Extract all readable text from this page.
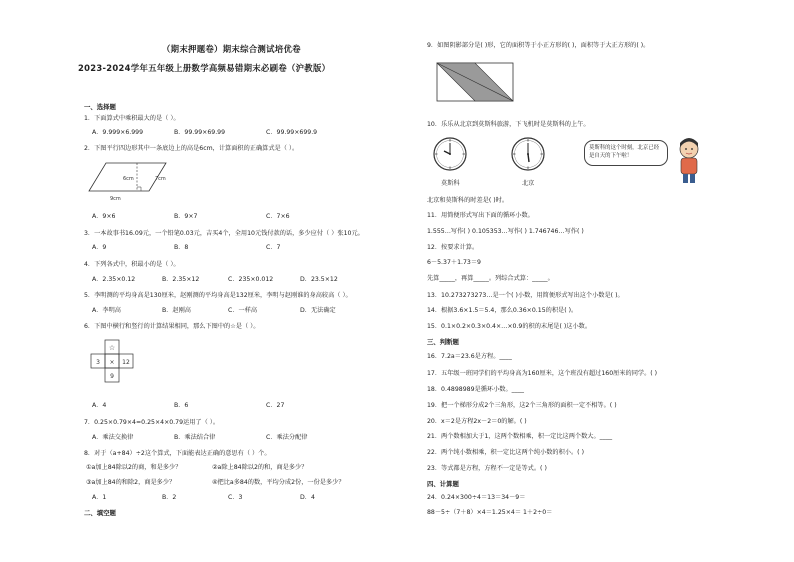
（期末押题卷）期末综合测试培优卷
2023-2024学年五年级上册数学高频易错期末必刷卷（沪教版）
一、选择题
1．下面算式中乘积最大的是（ ）。
A．9.999×6.999	B．99.99×69.99	C．99.99×699.9
2．下图平行四边形其中一条底边上的高是6cm，计算面积的正确算式是（ ）。
6cm	7cm
9cm
A．9×6	B．9×7	C．7×6
3．一本故事书16.09元，一个铅笔0.03元，吉买4个，全用10元钱付款的话，多少应付（ ）张10元。
A．9	B．8	C．7
4．下列各式中，积最小的是（ ）。
A．2.35×0.12	B．2.35×12	C．235×0.012	D．23.5×12
5．李明测的平均身高是130厘米，赵刚测的平均身高是132厘米，李明与赵刚谁的身高较高（ ）。
A．李明高	B．赵刚高	C．一样高	D．无法确定
6．下图中横行和竖行的计算结果相同，那么下图中的☆是（ ）。
☆
3 × 12
9
A．4	B．6	C．27
7．0.25×0.79×4=0.25×4×0.79运用了（ ）。
A．乘法交换律	B．乘法结合律	C．乘法分配律
8．对于（a+84）÷2这个算式，下面能表达正确的意思有（ ）个。
①a加上84除以2的商，和是多少？	②a除上84除以2的和，商是多少？
③a加上84的和除2，商是多少？	④把比a多84的数，平均分成2份，一份是多少？
A．1	B．2	C．3	D．4
二、填空题
9．如图阴影部分是( )形，它的面积等于小正方形的( )，面积等于大正方形的( )。
10．乐乐从北京到莫斯科旅游，下飞机时是莫斯科的上午。
莫斯科	北京
莫斯科的这个时刻，北京已经是自天的下午啦！
北京和莫斯科的时差是( )时。
11．用简便形式写出下面的循环小数。
1.555…写作( ) 0.105353…写作( ) 1.746746…写作( )
12．按要求计算。
6－5.37＋1.73＝9
先算_____，再算_____。列综合式算：_____。
13．10.273273273…是一个( )小数，用简便形式写出这个小数是( )。
14．根据3.6×1.5＝5.4，那么0.36×0.15的积是( )。
15．0.1×0.2×0.3×0.4×…×0.9的积的末尾是( )这小数。
三、判断题
16．7.2a＝23.6是方程。____
17．五年级一班同学们的平均身高为160厘米，这个班没有超过160厘米的同学。( )
18．0.4898989是循环小数。____
19．把一个梯形分成2个三角形，这2个三角形的面积一定不相等。( )
20．x＝2是方程2x－2＝0的解。( )
21．两个数相加大于1，这两个数相乘，积一定比这两个数大。____
22．两个纯小数相乘，积一定比这两个纯小数的积小。( )
23．等式都是方程，方程不一定是等式。( )
四、计算题
24．0.24×300÷4＝13＝34－9＝
88－5÷（7＋8）×4＝1.25×4＝ 1＋2÷0＝
